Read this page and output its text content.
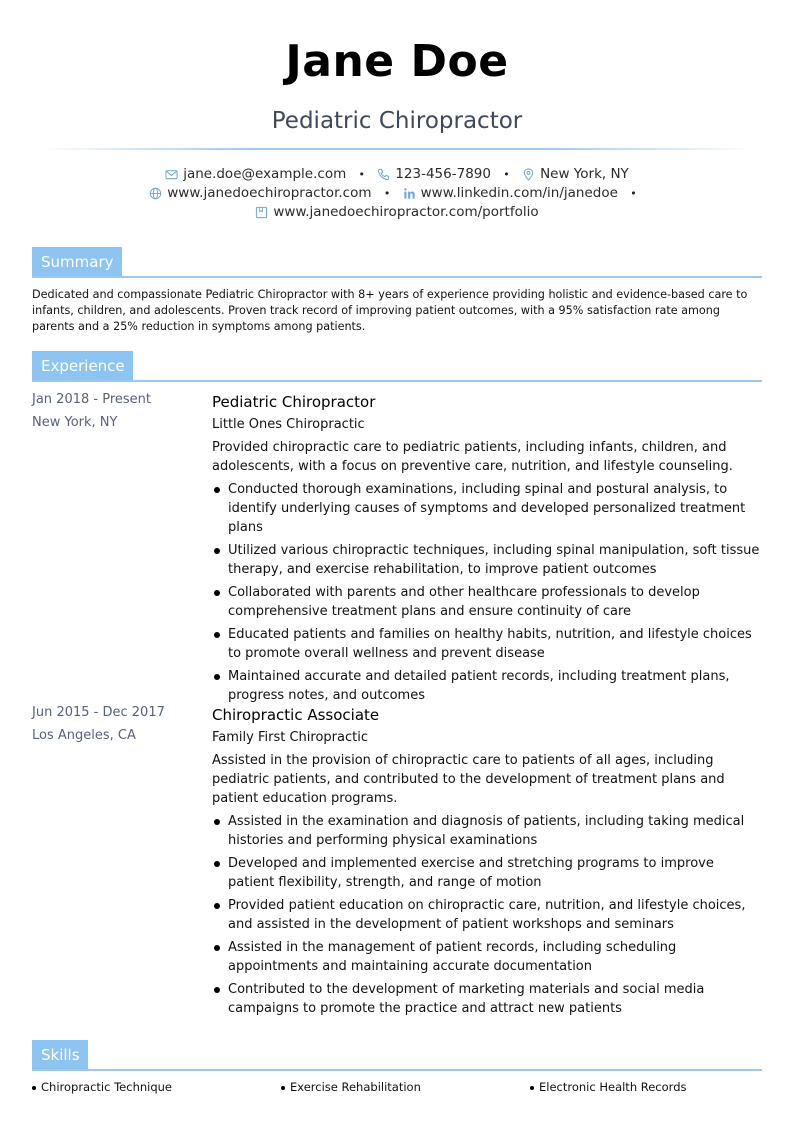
Jane Doe
Pediatric Chiropractor
jane.doe@example.com • 123-456-7890 • New York, NY
www.janedoechiropractor.com • www.linkedin.com/in/janedoe •
www.janedoechiropractor.com/portfolio
Summary
Dedicated and compassionate Pediatric Chiropractor with 8+ years of experience providing holistic and evidence-based care to infants, children, and adolescents. Proven track record of improving patient outcomes, with a 95% satisfaction rate among parents and a 25% reduction in symptoms among patients.
Experience
Jan 2018 - Present
New York, NY
Pediatric Chiropractor
Little Ones Chiropractic
Provided chiropractic care to pediatric patients, including infants, children, and adolescents, with a focus on preventive care, nutrition, and lifestyle counseling.
Conducted thorough examinations, including spinal and postural analysis, to identify underlying causes of symptoms and developed personalized treatment plans
Utilized various chiropractic techniques, including spinal manipulation, soft tissue therapy, and exercise rehabilitation, to improve patient outcomes
Collaborated with parents and other healthcare professionals to develop comprehensive treatment plans and ensure continuity of care
Educated patients and families on healthy habits, nutrition, and lifestyle choices to promote overall wellness and prevent disease
Maintained accurate and detailed patient records, including treatment plans, progress notes, and outcomes
Jun 2015 - Dec 2017
Los Angeles, CA
Chiropractic Associate
Family First Chiropractic
Assisted in the provision of chiropractic care to patients of all ages, including pediatric patients, and contributed to the development of treatment plans and patient education programs.
Assisted in the examination and diagnosis of patients, including taking medical histories and performing physical examinations
Developed and implemented exercise and stretching programs to improve patient flexibility, strength, and range of motion
Provided patient education on chiropractic care, nutrition, and lifestyle choices, and assisted in the development of patient workshops and seminars
Assisted in the management of patient records, including scheduling appointments and maintaining accurate documentation
Contributed to the development of marketing materials and social media campaigns to promote the practice and attract new patients
Skills
Chiropractic Technique	Exercise Rehabilitation	Electronic Health Records
